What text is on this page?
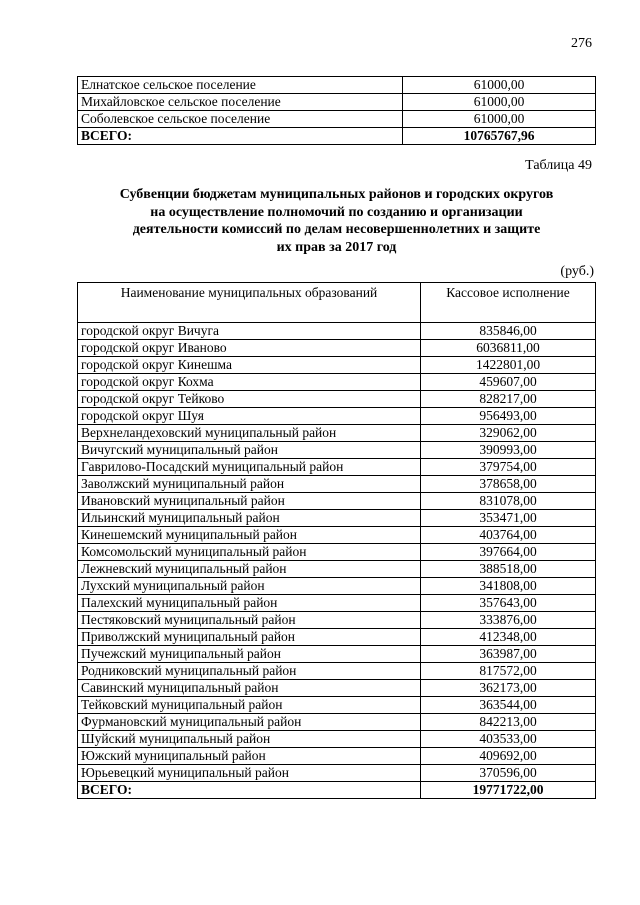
276
Елнатское сельское поселение	61000,00
Михайловское сельское поселение	61000,00
Соболевское сельское поселение	61000,00
ВСЕГО:	10765767,96
Таблица 49
Субвенции бюджетам муниципальных районов и городских округов
на осуществление полномочий по созданию и организации
деятельности комиссий по делам несовершеннолетних и защите
их прав за 2017 год
(руб.)
Наименование муниципальных образований	Кассовое исполнение
городской округ Вичуга	835846,00
городской округ Иваново	6036811,00
городской округ Кинешма	1422801,00
городской округ Кохма	459607,00
городской округ Тейково	828217,00
городской округ Шуя	956493,00
Верхнеландеховский муниципальный район	329062,00
Вичугский муниципальный район	390993,00
Гаврилово-Посадский муниципальный район	379754,00
Заволжский муниципальный район	378658,00
Ивановский муниципальный район	831078,00
Ильинский муниципальный район	353471,00
Кинешемский муниципальный район	403764,00
Комсомольский муниципальный район	397664,00
Лежневский муниципальный район	388518,00
Лухский муниципальный район	341808,00
Палехский муниципальный район	357643,00
Пестяковский муниципальный район	333876,00
Приволжский муниципальный район	412348,00
Пучежский муниципальный район	363987,00
Родниковский муниципальный район	817572,00
Савинский муниципальный район	362173,00
Тейковский муниципальный район	363544,00
Фурмановский муниципальный район	842213,00
Шуйский муниципальный район	403533,00
Южский муниципальный район	409692,00
Юрьевецкий муниципальный район	370596,00
ВСЕГО:	19771722,00
